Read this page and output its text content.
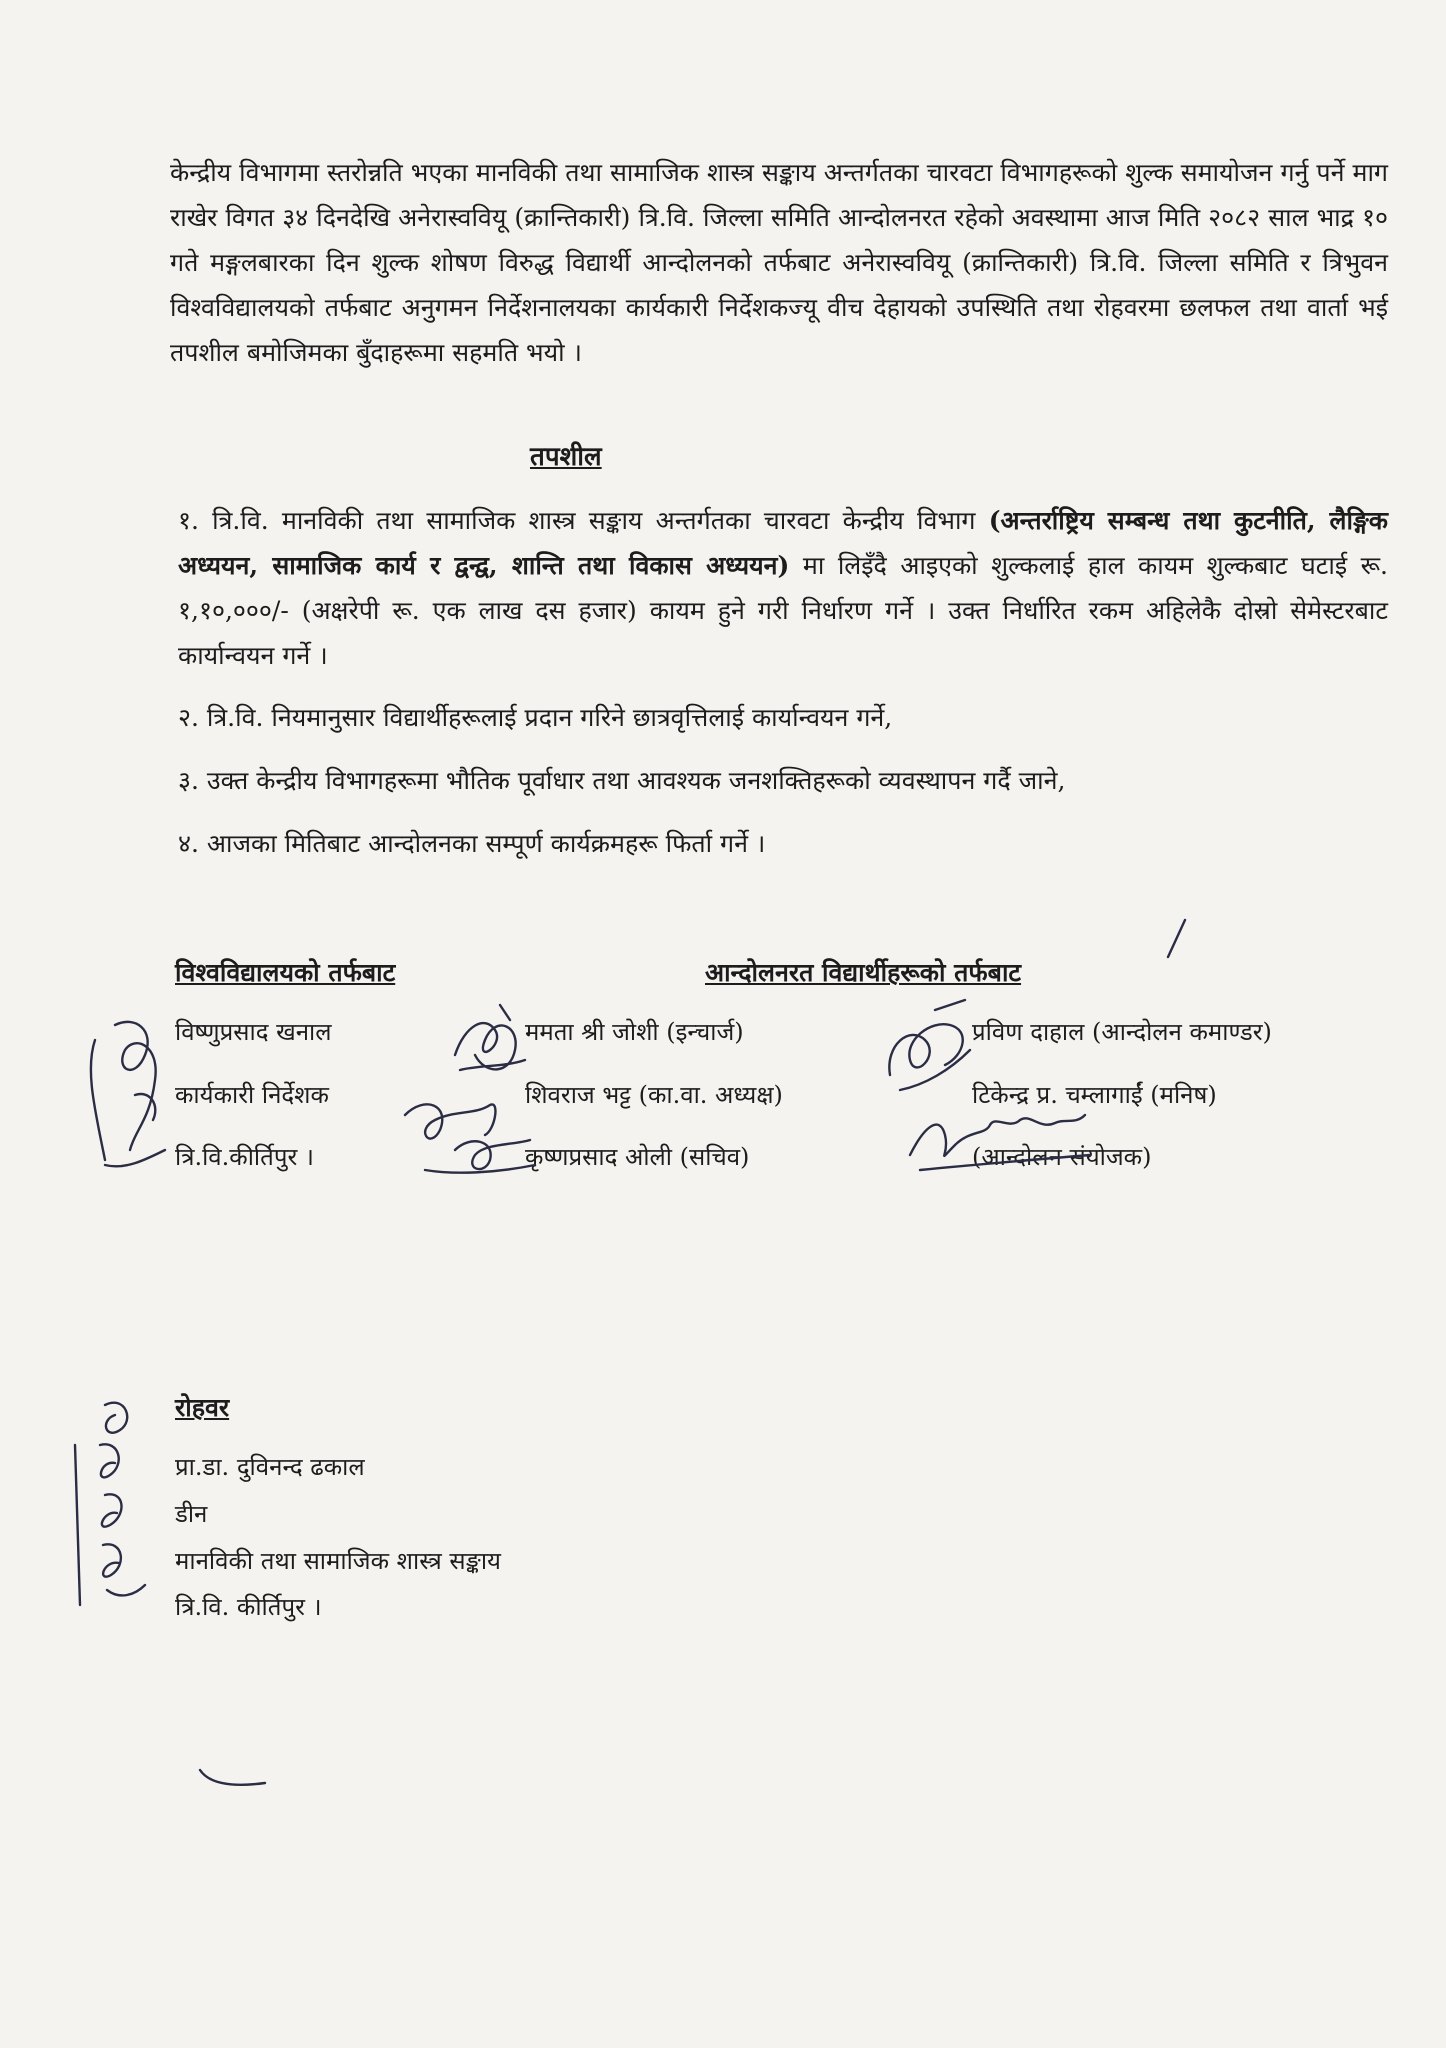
केन्द्रीय विभागमा स्तरोन्नति भएका मानविकी तथा सामाजिक शास्त्र सङ्काय अन्तर्गतका चारवटा विभागहरूको शुल्क समायोजन गर्नु पर्ने माग राखेर विगत ३४ दिनदेखि अनेरास्ववियू (क्रान्तिकारी) त्रि.वि. जिल्ला समिति आन्दोलनरत रहेको अवस्थामा आज मिति २०८२ साल भाद्र १० गते मङ्गलबारका दिन शुल्क शोषण विरुद्ध विद्यार्थी आन्दोलनको तर्फबाट अनेरास्ववियू (क्रान्तिकारी) त्रि.वि. जिल्ला समिति र त्रिभुवन विश्वविद्यालयको तर्फबाट अनुगमन निर्देशनालयका कार्यकारी निर्देशकज्यू वीच देहायको उपस्थिति तथा रोहवरमा छलफल तथा वार्ता भई तपशील बमोजिमका बुँदाहरूमा सहमति भयो ।

तपशील

१. त्रि.वि. मानविकी तथा सामाजिक शास्त्र सङ्काय अन्तर्गतका चारवटा केन्द्रीय विभाग (अन्तर्राष्ट्रिय सम्बन्ध तथा कुटनीति, लैङ्गिक अध्ययन, सामाजिक कार्य र द्वन्द्व, शान्ति तथा विकास अध्ययन) मा लिइँदै आइएको शुल्कलाई हाल कायम शुल्कबाट घटाई रू. १,१०,०००/- (अक्षरेपी रू. एक लाख दस हजार) कायम हुने गरी निर्धारण गर्ने । उक्त निर्धारित रकम अहिलेकै दोस्रो सेमेस्टरबाट कार्यान्वयन गर्ने ।

२. त्रि.वि. नियमानुसार विद्यार्थीहरूलाई प्रदान गरिने छात्रवृत्तिलाई कार्यान्वयन गर्ने,

३. उक्त केन्द्रीय विभागहरूमा भौतिक पूर्वाधार तथा आवश्यक जनशक्तिहरूको व्यवस्थापन गर्दै जाने,

४. आजका मितिबाट आन्दोलनका सम्पूर्ण कार्यक्रमहरू फिर्ता गर्ने ।

विश्वविद्यालयको तर्फबाट	आन्दोलनरत विद्यार्थीहरूको तर्फबाट

विष्णुप्रसाद खनाल

कार्यकारी निर्देशक

त्रि.वि.कीर्तिपुर ।

ममता श्री जोशी (इन्चार्ज)

शिवराज भट्ट (का.वा. अध्यक्ष)

कृष्णप्रसाद ओली (सचिव)

प्रविण दाहाल (आन्दोलन कमाण्डर)

टिकेन्द्र प्र. चम्लागाईं (मनिष)

(आन्दोलन संयोजक)

रोहवर

प्रा.डा. दुविनन्द ढकाल

डीन

मानविकी तथा सामाजिक शास्त्र सङ्काय

त्रि.वि. कीर्तिपुर ।
